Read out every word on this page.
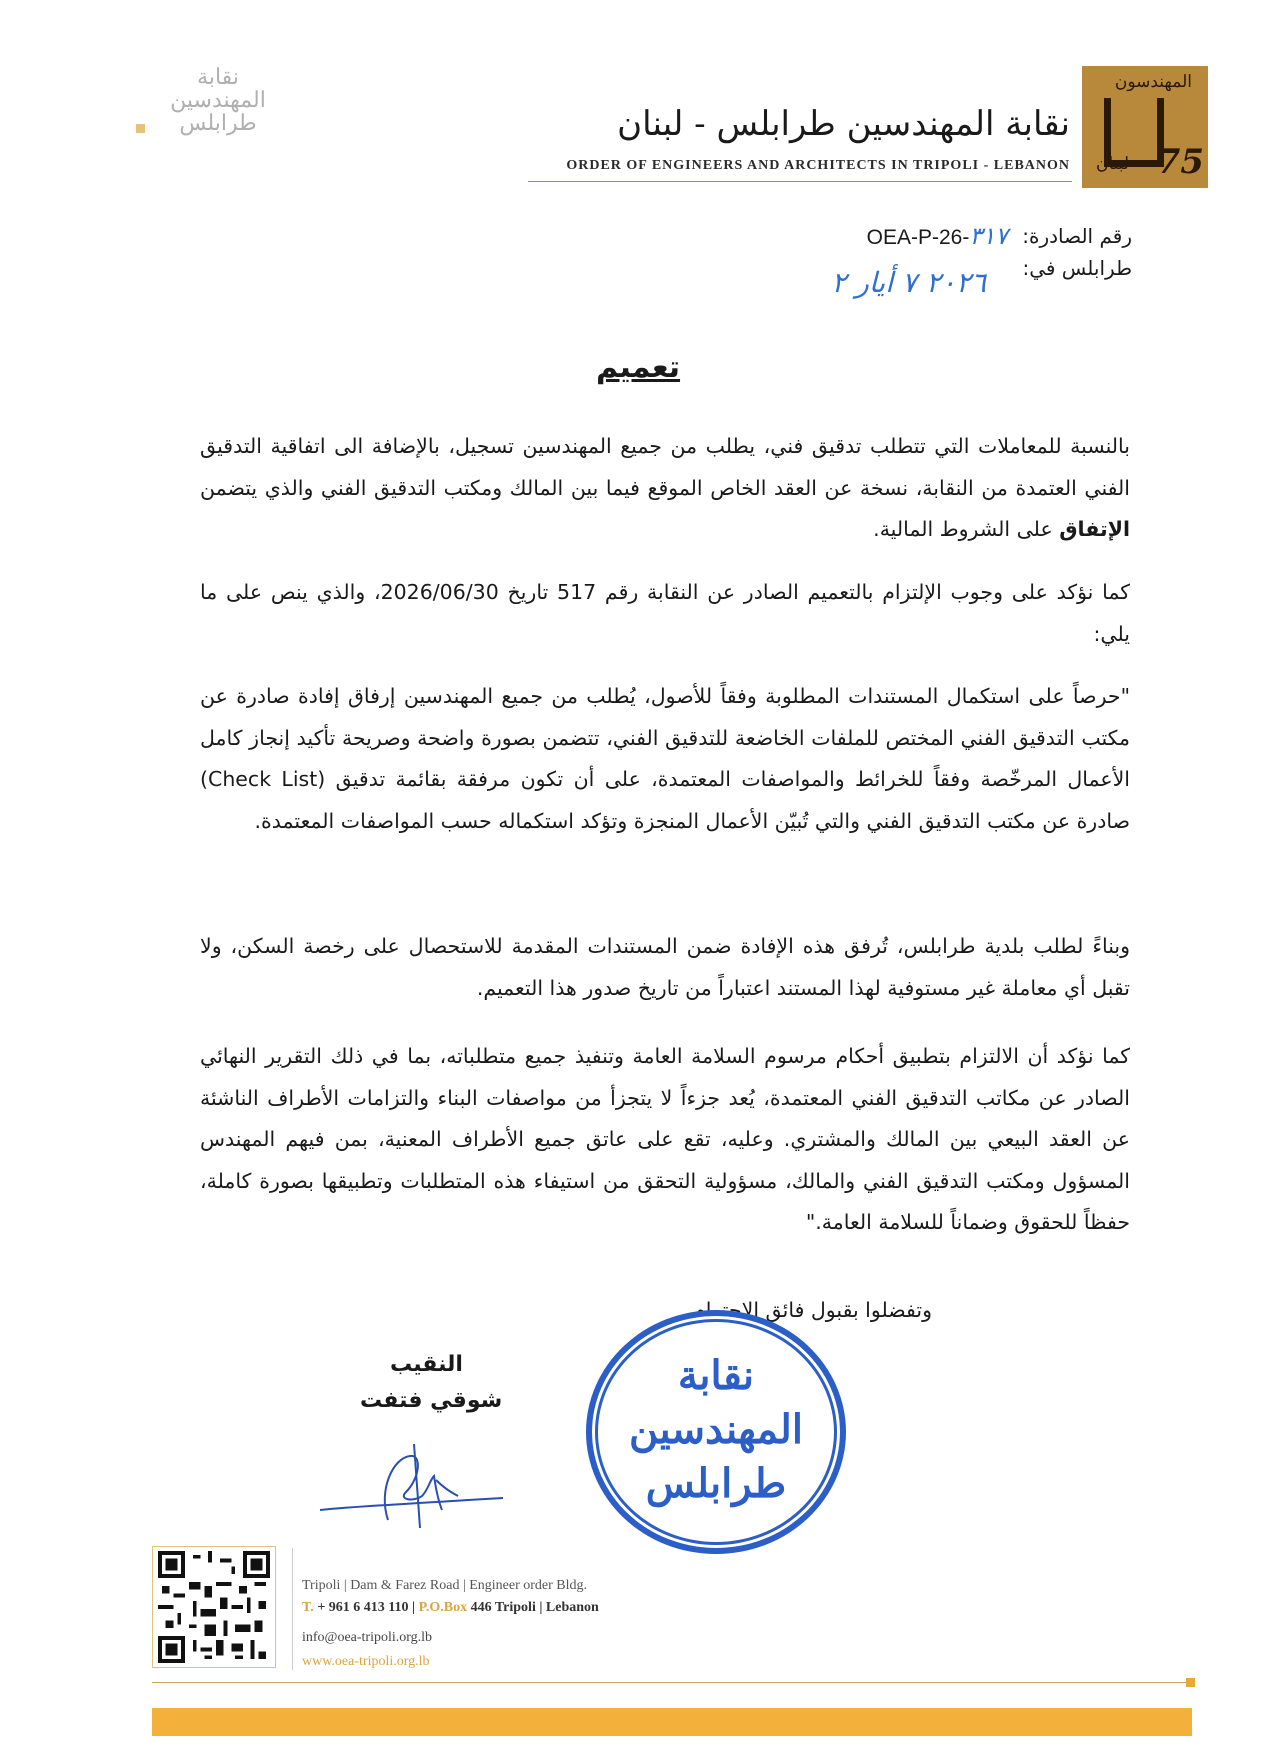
نقابة
المهندسين
طرابلس
المهندسون
لبنان 75
نقابة المهندسين طرابلس - لبنان
ORDER OF ENGINEERS AND ARCHITECTS IN TRIPOLI - LEBANON
رقم الصادرة:
OEA-P-26-٣١٧
طرابلس في:
٢٠٢٦ ٧ أيار ٢
تعميم
بالنسبة للمعاملات التي تتطلب تدقيق فني، يطلب من جميع المهندسين تسجيل، بالإضافة الى اتفاقية التدقيق الفني العتمدة من النقابة، نسخة عن العقد الخاص الموقع فيما بين المالك ومكتب التدقيق الفني والذي يتضمن الإتفاق على الشروط المالية.
كما نؤكد على وجوب الإلتزام بالتعميم الصادر عن النقابة رقم 517 تاريخ 2026/06/30، والذي ينص على ما يلي:
"حرصاً على استكمال المستندات المطلوبة وفقاً للأصول، يُطلب من جميع المهندسين إرفاق إفادة صادرة عن مكتب التدقيق الفني المختص للملفات الخاضعة للتدقيق الفني، تتضمن بصورة واضحة وصريحة تأكيد إنجاز كامل الأعمال المرخّصة وفقاً للخرائط والمواصفات المعتمدة، على أن تكون مرفقة بقائمة تدقيق (Check List) صادرة عن مكتب التدقيق الفني والتي تُبيّن الأعمال المنجزة وتؤكد استكماله حسب المواصفات المعتمدة.
وبناءً لطلب بلدية طرابلس، تُرفق هذه الإفادة ضمن المستندات المقدمة للاستحصال على رخصة السكن، ولا تقبل أي معاملة غير مستوفية لهذا المستند اعتباراً من تاريخ صدور هذا التعميم.
كما نؤكد أن الالتزام بتطبيق أحكام مرسوم السلامة العامة وتنفيذ جميع متطلباته، بما في ذلك التقرير النهائي الصادر عن مكاتب التدقيق الفني المعتمدة، يُعد جزءاً لا يتجزأ من مواصفات البناء والتزامات الأطراف الناشئة عن العقد البيعي بين المالك والمشتري. وعليه، تقع على عاتق جميع الأطراف المعنية، بمن فيهم المهندس المسؤول ومكتب التدقيق الفني والمالك، مسؤولية التحقق من استيفاء هذه المتطلبات وتطبيقها بصورة كاملة، حفظاً للحقوق وضماناً للسلامة العامة."
وتفضلوا بقبول فائق الاحترام.
النقيب
شوقي فتفت
نقابة
المهندسين
طرابلس
Tripoli | Dam & Farez Road | Engineer order Bldg.
T. + 961 6 413 110 | P.O.Box 446 Tripoli | Lebanon
info@oea-tripoli.org.lb
www.oea-tripoli.org.lb
